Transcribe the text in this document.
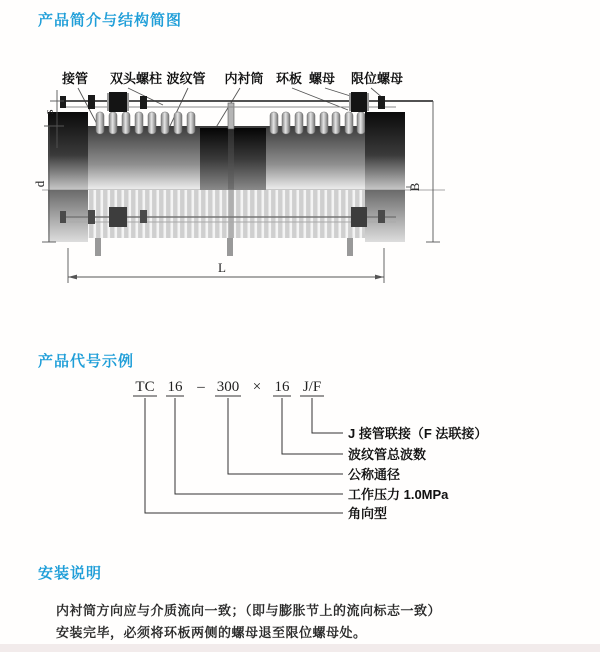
产品简介与结构简图
接管 双头螺柱 波纹管 内衬筒 环板 螺母 限位螺母
s
d	B
L
产品代号示例
TC 16 – 300 × 16 J/F
J 接管联接（F 法联接）
波纹管总波数
公称通径
工作压力 1.0MPa
角向型
安装说明

内衬筒方向应与介质流向一致；（即与膨胀节上的流向标志一致）

安装完毕，必须将环板两侧的螺母退至限位螺母处。
